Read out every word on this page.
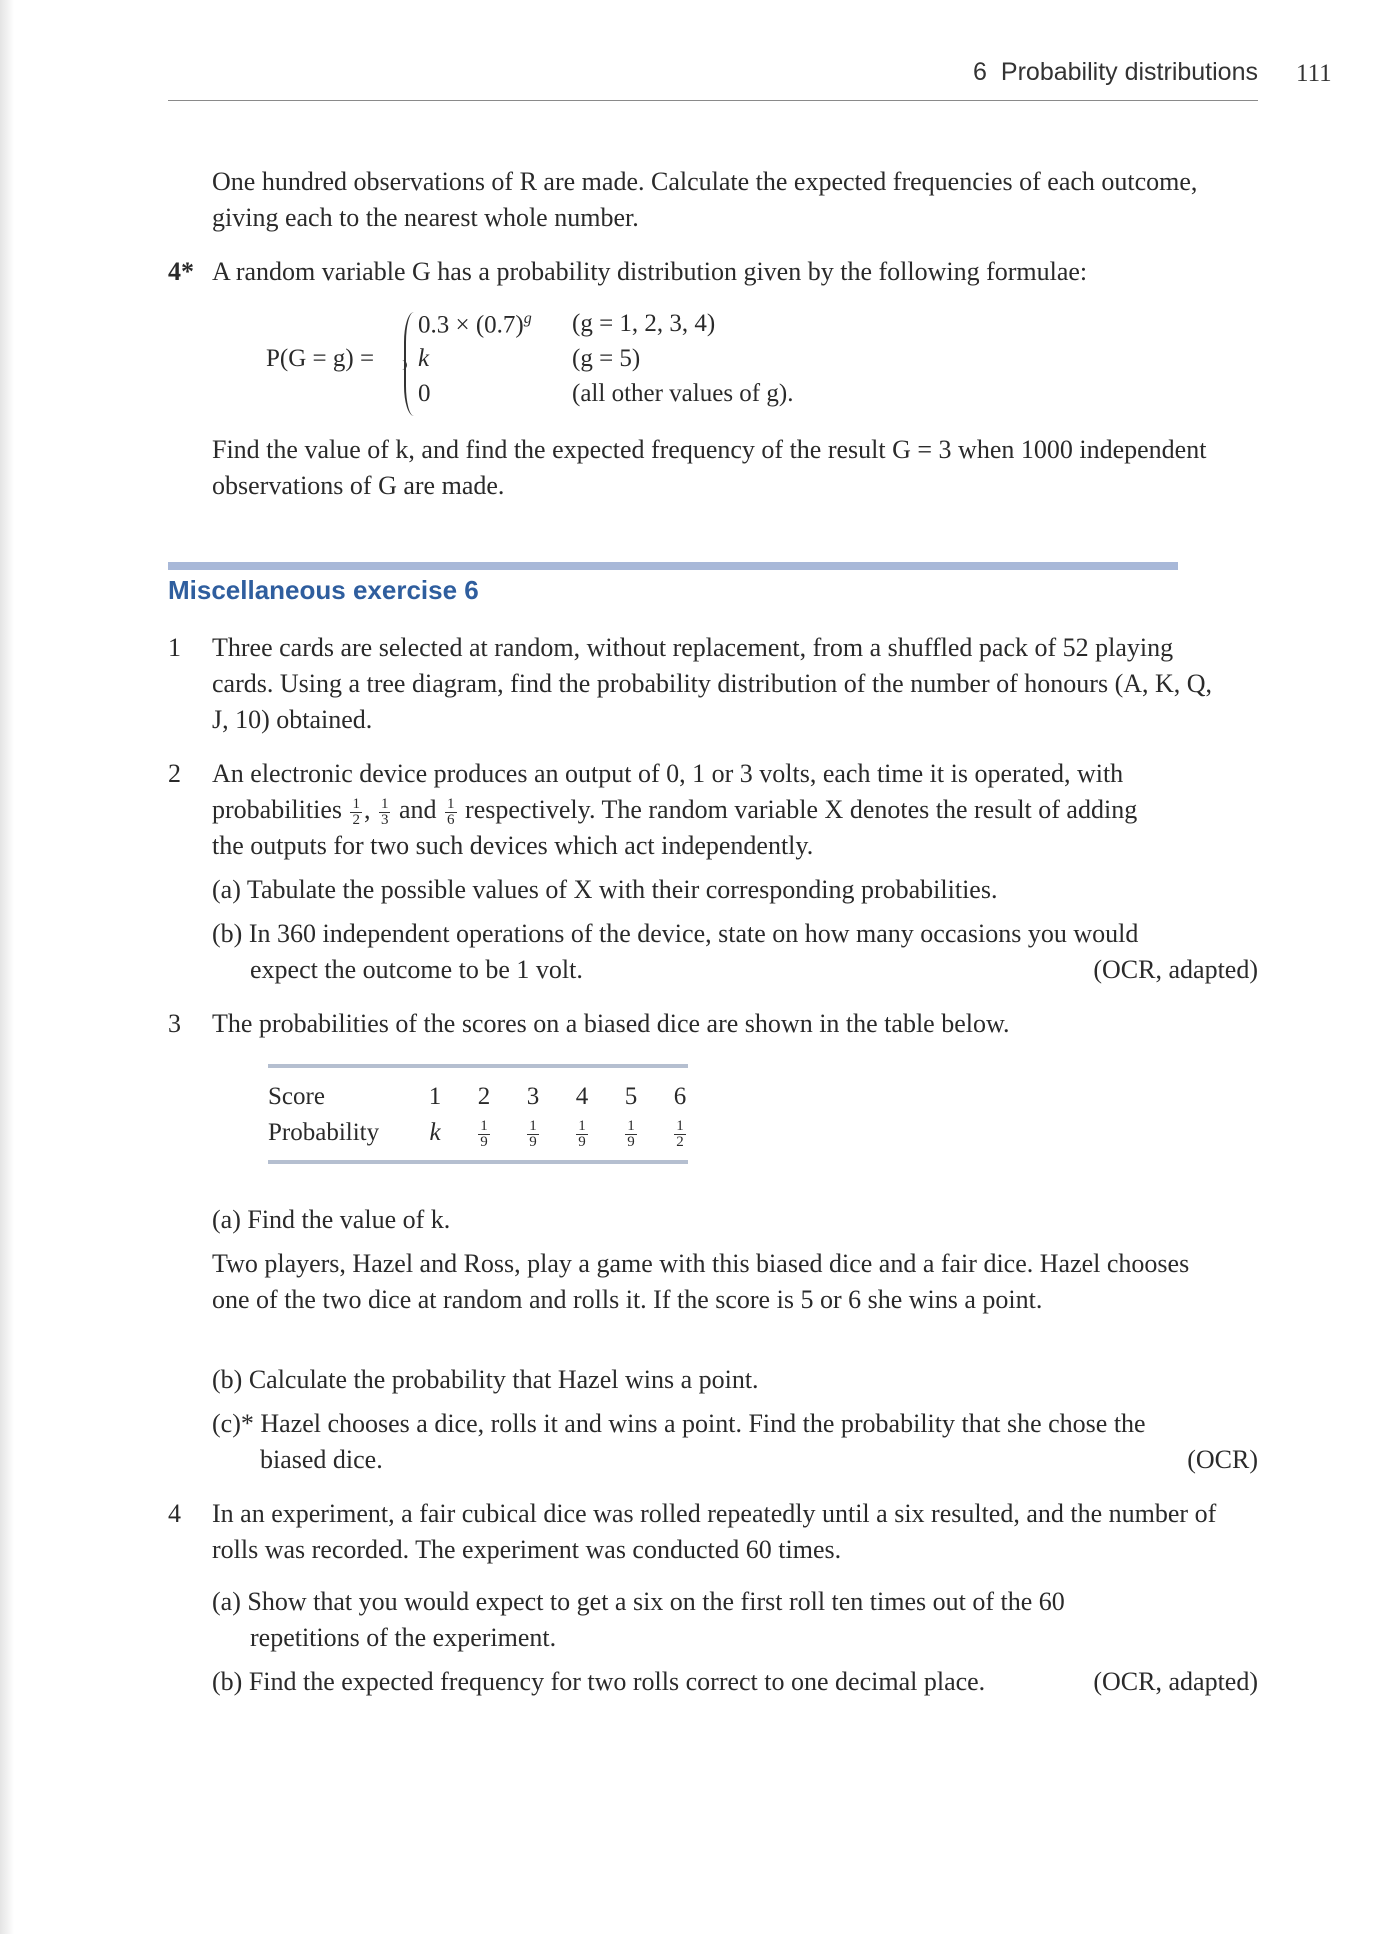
6 Probability distributions 111
One hundred observations of R are made. Calculate the expected frequencies of each outcome, giving each to the nearest whole number.
4* A random variable G has a probability distribution given by the following formulae:
P(G = g) =
$0.3 \times (0.7)^g$ (g = 1, 2, 3, 4)
k	(g = 5)
0	(all other values of g).
Find the value of k, and find the expected frequency of the result G = 3 when 1000 independent observations of G are made.
Miscellaneous exercise 6
1 Three cards are selected at random, without replacement, from a shuffled pack of 52 playing cards. Using a tree diagram, find the probability distribution of the number of honours (A, K, Q, J, 10) obtained.
2 An electronic device produces an output of 0, 1 or 3 volts, each time it is operated, with
probabilities $\frac{1}{2}$ , $\frac{1}{3}$ and $\frac{1}{6}$ respectively. The random variable X denotes the result of adding
the outputs for two such devices which act independently.
(a) Tabulate the possible values of X with their corresponding probabilities.
(b) In 360 independent operations of the device, state on how many occasions you would
expect the outcome to be 1 volt.	(OCR, adapted)
3 The probabilities of the scores on a biased dice are shown in the table below.
Score	1 2 3 4 5 6
Probability k	$\frac{1}{9}$	$\frac{1}{9}$	$\frac{1}{9}$	$\frac{1}{9}$	$\frac{1}{2}$
(a) Find the value of k.
Two players, Hazel and Ross, play a game with this biased dice and a fair dice. Hazel chooses one of the two dice at random and rolls it. If the score is 5 or 6 she wins a point.
(b) Calculate the probability that Hazel wins a point.
(c)* Hazel chooses a dice, rolls it and wins a point. Find the probability that she chose the
biased dice.	(OCR)
4 In an experiment, a fair cubical dice was rolled repeatedly until a six resulted, and the number of rolls was recorded. The experiment was conducted 60 times.
(a) Show that you would expect to get a six on the first roll ten times out of the 60
repetitions of the experiment.
(b) Find the expected frequency for two rolls correct to one decimal place.	(OCR, adapted)
